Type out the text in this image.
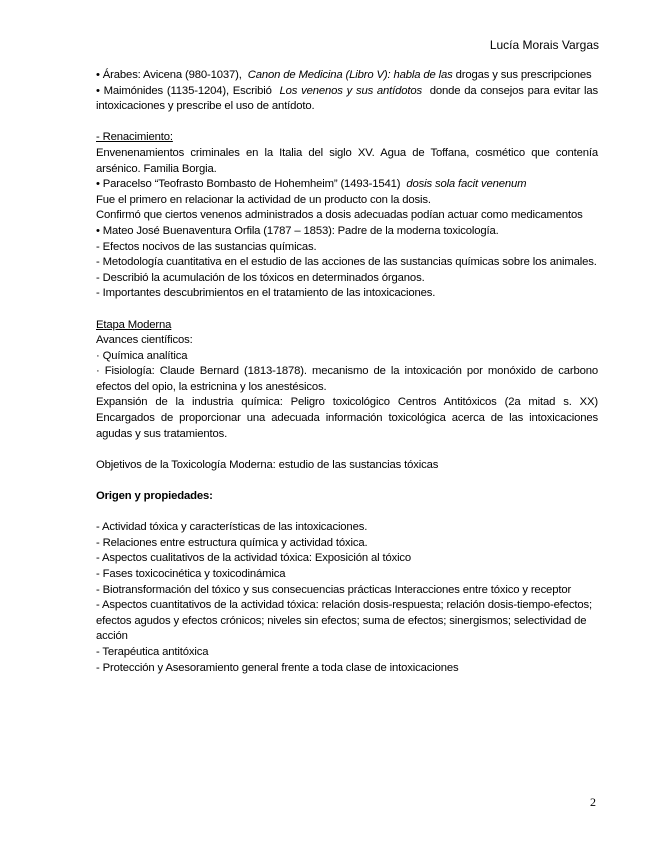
Lucía Morais Vargas

• Árabes: Avicena (980-1037), Canon de Medicina (Libro V): habla de las drogas y sus prescripciones

• Maimónides (1135-1204), Escribió Los venenos y sus antídotos donde da consejos para evitar las intoxicaciones y prescribe el uso de antídoto.

- Renacimiento:

Envenenamientos criminales en la Italia del siglo XV. Agua de Toffana, cosmético que contenía arsénico. Familia Borgia.

• Paracelso “Teofrasto Bombasto de Hohemheim” (1493-1541) dosis sola facit venenum

Fue el primero en relacionar la actividad de un producto con la dosis.

Confirmó que ciertos venenos administrados a dosis adecuadas podían actuar como medicamentos

• Mateo José Buenaventura Orfila (1787 – 1853): Padre de la moderna toxicología.

- Efectos nocivos de las sustancias químicas.

- Metodología cuantitativa en el estudio de las acciones de las sustancias químicas sobre los animales.

- Describió la acumulación de los tóxicos en determinados órganos.

- Importantes descubrimientos en el tratamiento de las intoxicaciones.

Etapa Moderna

Avances científicos:

· Química analítica

· Fisiología: Claude Bernard (1813-1878). mecanismo de la intoxicación por monóxido de carbono efectos del opio, la estricnina y los anestésicos.

Expansión de la industria química: Peligro toxicológico Centros Antitóxicos (2a mitad s. XX) Encargados de proporcionar una adecuada información toxicológica acerca de las intoxicaciones agudas y sus tratamientos.

Objetivos de la Toxicología Moderna: estudio de las sustancias tóxicas

Origen y propiedades:

- Actividad tóxica y características de las intoxicaciones.

- Relaciones entre estructura química y actividad tóxica.

- Aspectos cualitativos de la actividad tóxica: Exposición al tóxico

- Fases toxicocinética y toxicodinámica

- Biotransformación del tóxico y sus consecuencias prácticas Interacciones entre tóxico y receptor

- Aspectos cuantitativos de la actividad tóxica: relación dosis-respuesta; relación dosis-tiempo-efectos; efectos agudos y efectos crónicos; niveles sin efectos; suma de efectos; sinergismos; selectividad de acción

- Terapéutica antitóxica

- Protección y Asesoramiento general frente a toda clase de intoxicaciones

2
